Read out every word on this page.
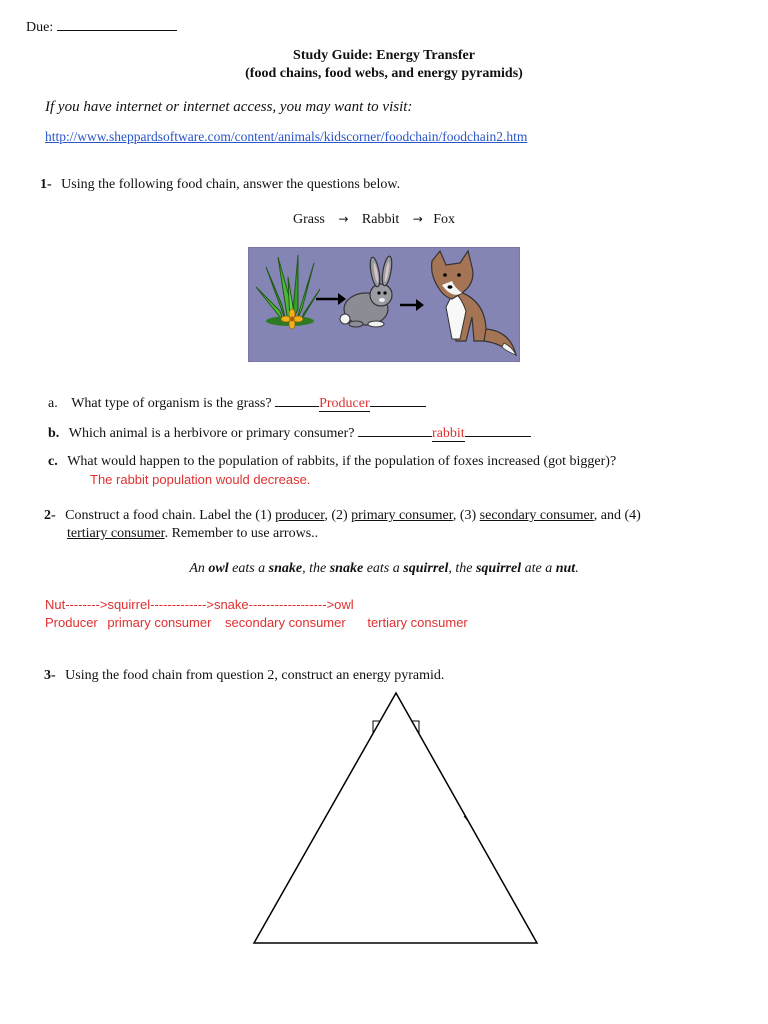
Due:
Study Guide: Energy Transfer
(food chains, food webs, and energy pyramids)
If you have internet or internet access, you may want to visit:
http://www.sheppardsoftware.com/content/animals/kidscorner/foodchain/foodchain2.htm
1- Using the following food chain, answer the questions below.
Grass → Rabbit → Fox
a. What type of organism is the grass?	Producer
b. Which animal is a herbivore or primary consumer?	rabbit
c. What would happen to the population of rabbits, if the population of foxes increased (got bigger)?
The rabbit population would decrease.
2- Construct a food chain. Label the (1) producer, (2) primary consumer, (3) secondary consumer, and (4)
tertiary consumer. Remember to use arrows..
An owl eats a snake, the snake eats a squirrel, the squirrel ate a nut.
Nut-------->squirrel------------->snake------------------>owl
Producer primary consumer secondary consumer tertiary consumer
3- Using the food chain from question 2, construct an energy pyramid.
